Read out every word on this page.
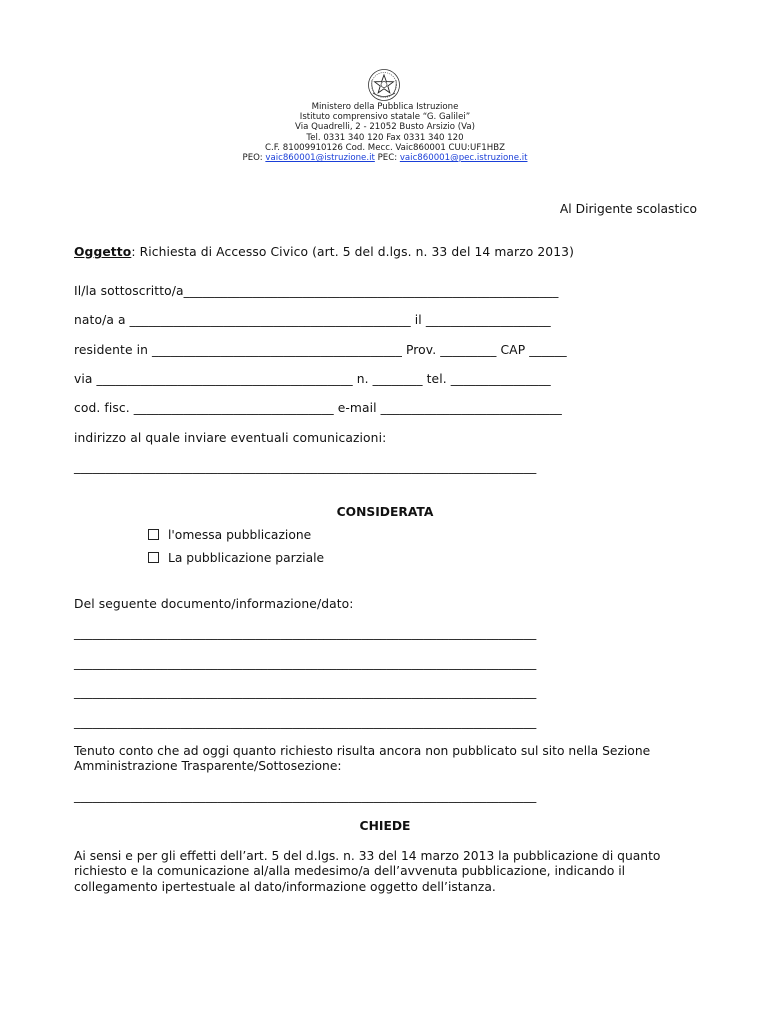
Ministero della Pubblica Istruzione
Istituto comprensivo statale “G. Galilei”
Via Quadrelli, 2 - 21052 Busto Arsizio (Va)
Tel. 0331 340 120 Fax 0331 340 120
C.F. 81009910126 Cod. Mecc. Vaic860001 CUU:UF1HBZ
PEO: vaic860001@istruzione.it PEC: vaic860001@pec.istruzione.it
Al Dirigente scolastico
Oggetto: Richiesta di Accesso Civico (art. 5 del d.lgs. n. 33 del 14 marzo 2013)
Il/la sottoscritto/a____________________________________________________________
nato/a a _____________________________________________ il ____________________
residente in ________________________________________ Prov. _________ CAP ______
via _________________________________________ n. ________ tel. ________________
cod. fisc. ________________________________ e-mail _____________________________
indirizzo al quale inviare eventuali comunicazioni:
__________________________________________________________________________
CONSIDERATA
l'omessa pubblicazione
La pubblicazione parziale
Del seguente documento/informazione/dato:
__________________________________________________________________________
__________________________________________________________________________
__________________________________________________________________________
__________________________________________________________________________
Tenuto conto che ad oggi quanto richiesto risulta ancora non pubblicato sul sito nella Sezione
Amministrazione Trasparente/Sottosezione:
__________________________________________________________________________
CHIEDE
Ai sensi e per gli effetti dell’art. 5 del d.lgs. n. 33 del 14 marzo 2013 la pubblicazione di quanto
richiesto e la comunicazione al/alla medesimo/a dell’avvenuta pubblicazione, indicando il
collegamento ipertestuale al dato/informazione oggetto dell’istanza.
